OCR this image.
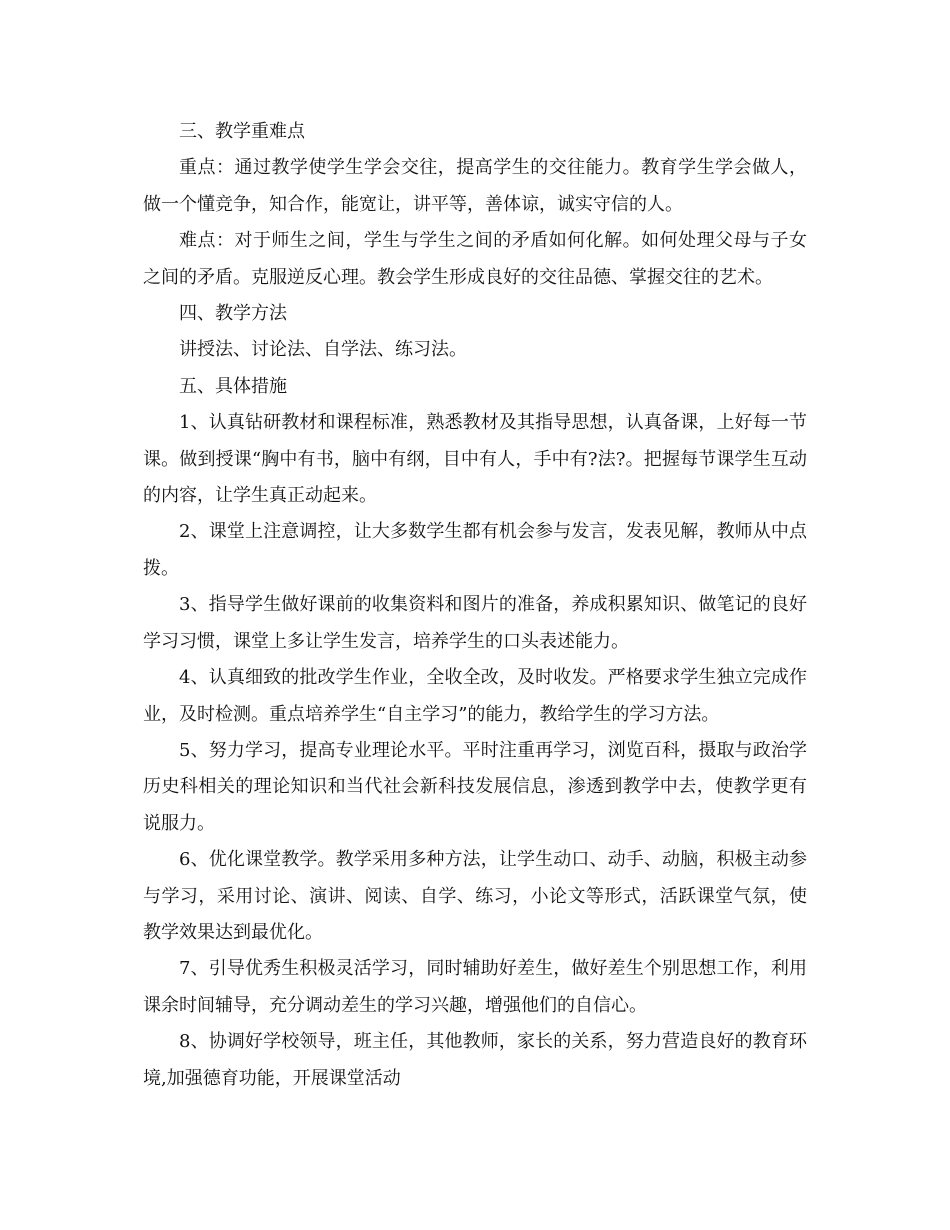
三、教学重难点

重点：通过教学使学生学会交往，提高学生的交往能力。教育学生学会做人，做一个懂竞争，知合作，能宽让，讲平等，善体谅，诚实守信的人。

难点：对于师生之间，学生与学生之间的矛盾如何化解。如何处理父母与子女之间的矛盾。克服逆反心理。教会学生形成良好的交往品德、掌握交往的艺术。

四、教学方法

讲授法、讨论法、自学法、练习法。

五、具体措施

1、认真钻研教材和课程标准，熟悉教材及其指导思想，认真备课，上好每一节课。做到授课“胸中有书，脑中有纲，目中有人，手中有?法?。把握每节课学生互动的内容，让学生真正动起来。

2、课堂上注意调控，让大多数学生都有机会参与发言，发表见解，教师从中点拨。

3、指导学生做好课前的收集资料和图片的准备，养成积累知识、做笔记的良好学习习惯，课堂上多让学生发言，培养学生的口头表述能力。

4、认真细致的批改学生作业，全收全改，及时收发。严格要求学生独立完成作业，及时检测。重点培养学生“自主学习”的能力，教给学生的学习方法。

5、努力学习，提高专业理论水平。平时注重再学习，浏览百科，摄取与政治学历史科相关的理论知识和当代社会新科技发展信息，渗透到教学中去，使教学更有说服力。

6、优化课堂教学。教学采用多种方法，让学生动口、动手、动脑，积极主动参与学习，采用讨论、演讲、阅读、自学、练习，小论文等形式，活跃课堂气氛，使教学效果达到最优化。

7、引导优秀生积极灵活学习，同时辅助好差生，做好差生个别思想工作，利用课余时间辅导，充分调动差生的学习兴趣，增强他们的自信心。

8、协调好学校领导，班主任，其他教师，家长的关系，努力营造良好的教育环境,加强德育功能，开展课堂活动
